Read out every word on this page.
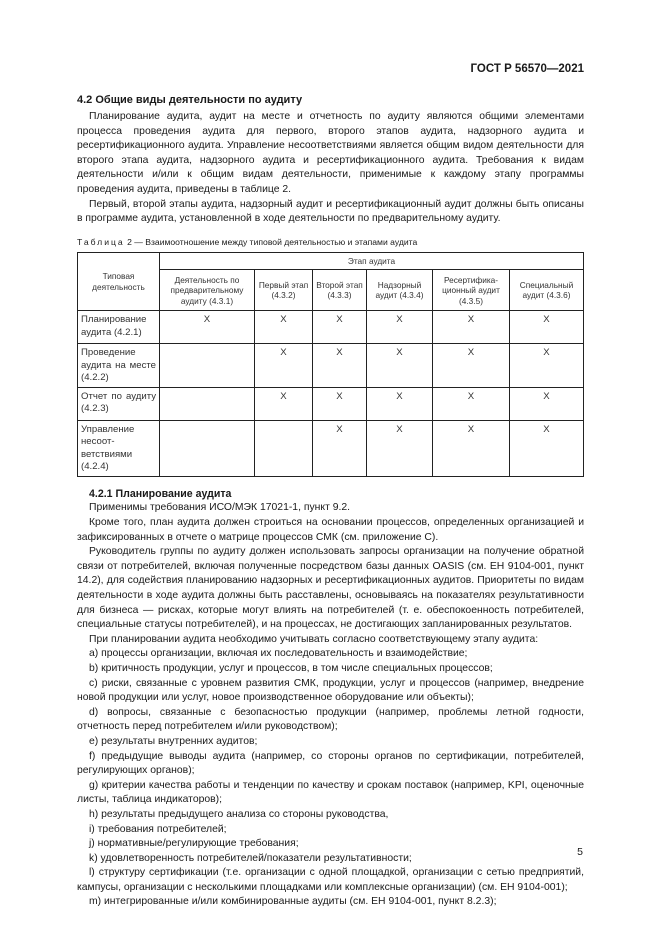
ГОСТ Р 56570—2021
4.2 Общие виды деятельности по аудиту

Планирование аудита, аудит на месте и отчетность по аудиту являются общими элементами процесса проведения аудита для первого, второго этапов аудита, надзорного аудита и ресертификационного аудита. Управление несоответствиями является общим видом деятельности для второго этапа аудита, надзорного аудита и ресертификационного аудита. Требования к видам деятельности и/или к общим видам деятельности, применимые к каждому этапу программы проведения аудита, приведены в таблице 2.

Первый, второй этапы аудита, надзорный аудит и ресертификационный аудит должны быть описаны в программе аудита, установленной в ходе деятельности по предварительному аудиту.

Таблица 2 — Взаимоотношение между типовой деятельностью и этапами аудита

Типовая деятельность	Этап аудита					
	Деятельность по предварительному аудиту (4.3.1)	Первый этап (4.3.2)	Второй этап (4.3.3)	Надзорный аудит (4.3.4)	Ресертифика-ционный аудит (4.3.5)	Специальный аудит (4.3.6)
Планирование аудита (4.2.1)	X	X	X	X	X	X
Проведение аудита на месте (4.2.2)		X	X	X	X	X
Отчет по аудиту (4.2.3)		X	X	X	X	X
Управление несоот-ветствиями (4.2.4)			X	X	X	X
4.2.1 Планирование аудита

Применимы требования ИСО/МЭК 17021-1, пункт 9.2.

Кроме того, план аудита должен строиться на основании процессов, определенных организацией и зафиксированных в отчете о матрице процессов СМК (см. приложение С).

Руководитель группы по аудиту должен использовать запросы организации на получение обратной связи от потребителей, включая полученные посредством базы данных OASIS (см. ЕН 9104-001, пункт 14.2), для содействия планированию надзорных и ресертификационных аудитов. Приоритеты по видам деятельности в ходе аудита должны быть расставлены, основываясь на показателях результативности для бизнеса — рисках, которые могут влиять на потребителей (т. е. обеспокоенность потребителей, специальные статусы потребителей), и на процессах, не достигающих запланированных результатов.

При планировании аудита необходимо учитывать согласно соответствующему этапу аудита:

a) процессы организации, включая их последовательность и взаимодействие;

b) критичность продукции, услуг и процессов, в том числе специальных процессов;

c) риски, связанные с уровнем развития СМК, продукции, услуг и процессов (например, внедрение новой продукции или услуг, новое производственное оборудование или объекты);

d) вопросы, связанные с безопасностью продукции (например, проблемы летной годности, отчетность перед потребителем и/или руководством);

e) результаты внутренних аудитов;

f) предыдущие выводы аудита (например, со стороны органов по сертификации, потребителей, регулирующих органов);

g) критерии качества работы и тенденции по качеству и срокам поставок (например, KPI, оценочные листы, таблица индикаторов);

h) результаты предыдущего анализа со стороны руководства,

i) требования потребителей;

j) нормативные/регулирующие требования;

k) удовлетворенность потребителей/показатели результативности;

l) структуру сертификации (т.е. организации с одной площадкой, организации с сетью предприятий, кампусы, организации с несколькими площадками или комплексные организации) (см. ЕН 9104-001);

m) интегрированные и/или комбинированные аудиты (см. ЕН 9104-001, пункт 8.2.3);

5
